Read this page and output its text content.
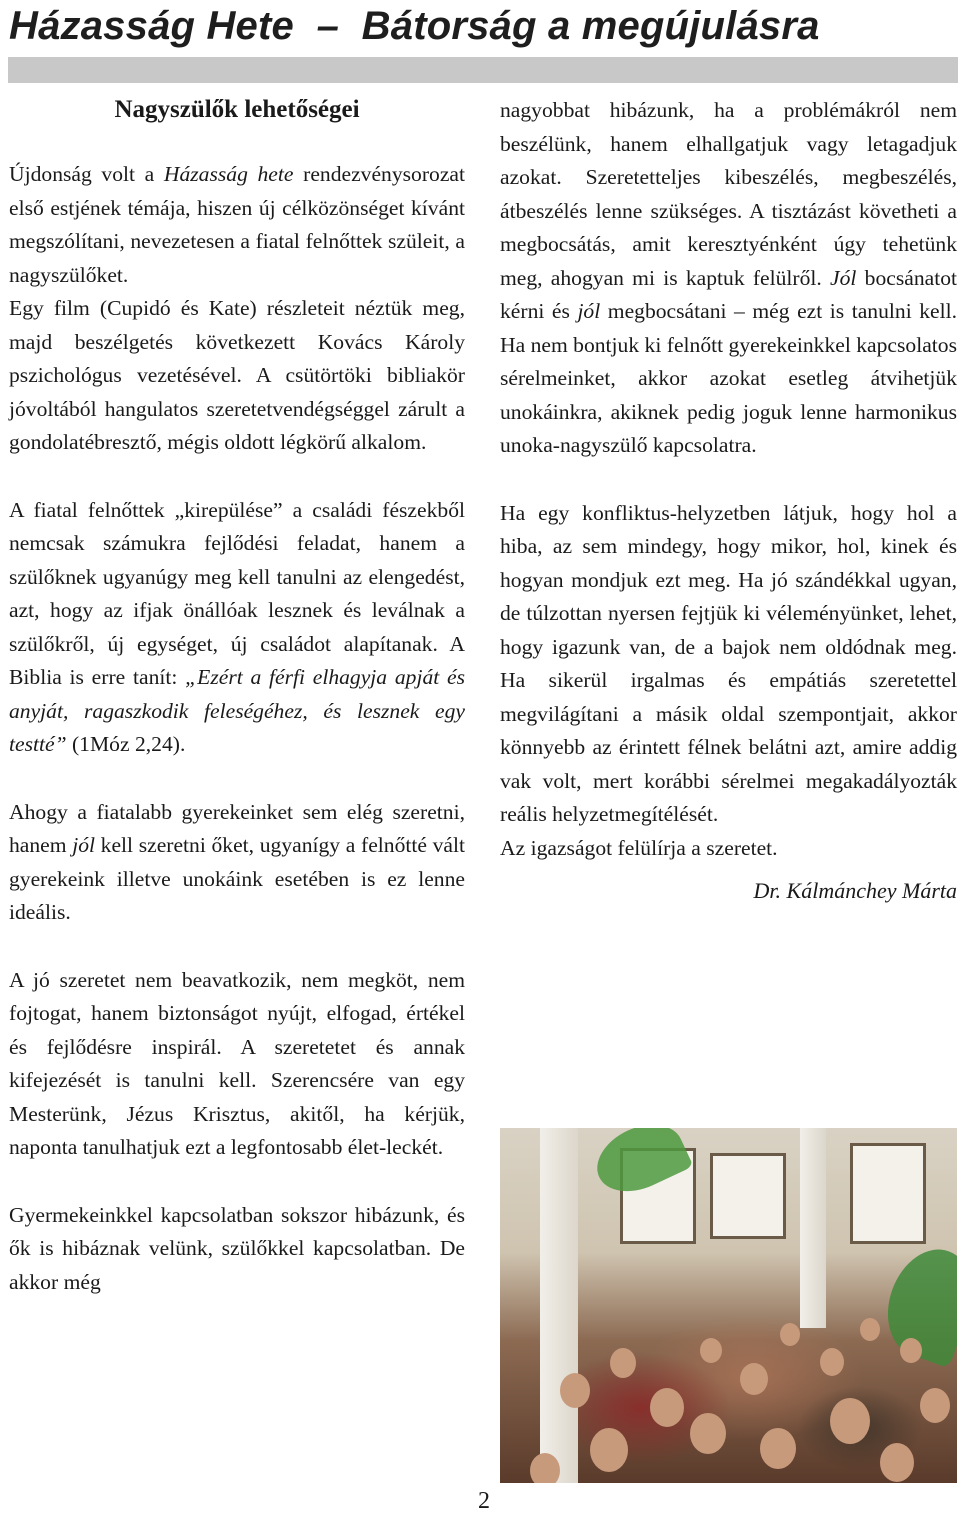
Házasság Hete  –  Bátorság a megújulásra
Nagyszülők lehetőségei

Újdonság volt a Házasság hete rendezvénysorozat első estjének témája, hiszen új célközönséget kívánt megszólítani, nevezetesen a fiatal felnőttek szüleit, a nagyszülőket.

Egy film (Cupidó és Kate) részleteit néztük meg, majd beszélgetés következett Kovács Károly pszichológus vezetésével. A csütörtöki bibliakör jóvoltából hangulatos szeretetvendégséggel zárult a gondolatébresztő, mégis oldott légkörű alkalom.

A fiatal felnőttek „kirepülése” a családi fészekből nemcsak számukra fejlődési feladat, hanem a szülőknek ugyanúgy meg kell tanulni az elengedést, azt, hogy az ifjak önállóak lesznek és leválnak a szülőkről, új egységet, új családot alapítanak. A Biblia is erre tanít: „Ezért a férfi elhagyja apját és anyját, ragaszkodik feleségéhez, és lesznek egy testté” (1Móz 2,24).

Ahogy a fiatalabb gyerekeinket sem elég szeretni, hanem jól kell szeretni őket, ugyanígy a felnőtté vált gyerekeink illetve unokáink esetében is ez lenne ideális.

A jó szeretet nem beavatkozik, nem megköt, nem fojtogat, hanem biztonságot nyújt, elfogad, értékel és fejlődésre inspirál. A szeretetet és annak kifejezését is tanulni kell. Szerencsére van egy Mesterünk, Jézus Krisztus, akitől, ha kérjük, naponta tanulhatjuk ezt a legfontosabb élet-leckét.

Gyermekeinkkel kapcsolatban sokszor hibázunk, és ők is hibáznak velünk, szülőkkel kapcsolatban. De akkor még

nagyobbat hibázunk, ha a problémákról nem beszélünk, hanem elhallgatjuk vagy letagadjuk azokat. Szeretetteljes kibeszélés, megbeszélés, átbeszélés lenne szükséges. A tisztázást követheti a megbocsátás, amit keresztyénként úgy tehetünk meg, ahogyan mi is kaptuk felülről. Jól bocsánatot kérni és jól megbocsátani – még ezt is tanulni kell. Ha nem bontjuk ki felnőtt gyerekeinkkel kapcsolatos sérelmeinket, akkor azokat esetleg átvihetjük unokáinkra, akiknek pedig joguk lenne harmonikus unoka-nagyszülő kapcsolatra.

Ha egy konfliktus-helyzetben látjuk, hogy hol a hiba, az sem mindegy, hogy mikor, hol, kinek és hogyan mondjuk ezt meg. Ha jó szándékkal ugyan, de túlzottan nyersen fejtjük ki véleményünket, lehet, hogy igazunk van, de a bajok nem oldódnak meg. Ha sikerül irgalmas és empátiás szeretettel megvilágítani a másik oldal szempontjait, akkor könnyebb az érintett félnek belátni azt, amire addig vak volt, mert korábbi sérelmei megakadályozták reális helyzetmegítélését.

Az igazságot felülírja a szeretet.

Dr. Kálmánchey Márta

2
